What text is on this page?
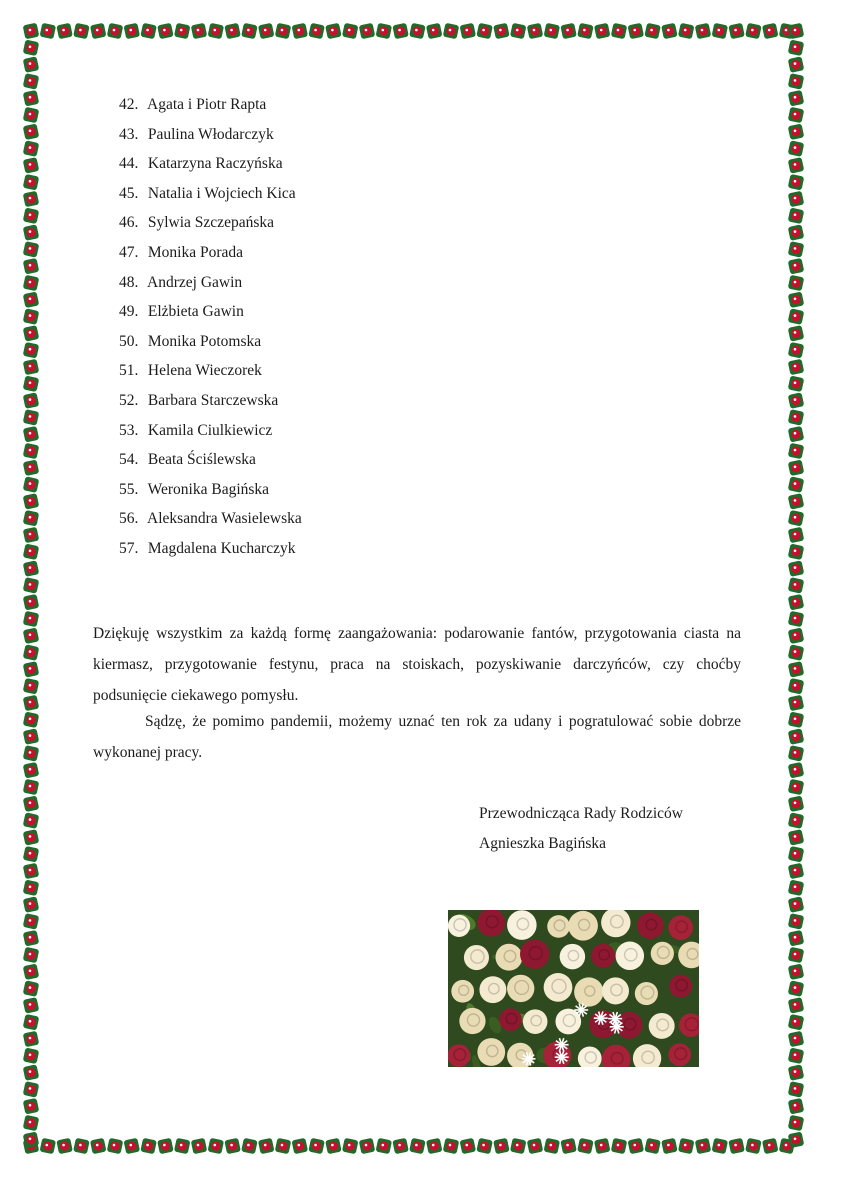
42. Agata i Piotr Rapta
43. Paulina Włodarczyk
44. Katarzyna Raczyńska
45. Natalia i Wojciech Kica
46. Sylwia Szczepańska
47. Monika Porada
48. Andrzej Gawin
49. Elżbieta Gawin
50. Monika Potomska
51. Helena Wieczorek
52. Barbara Starczewska
53. Kamila Ciulkiewicz
54. Beata Ściślewska
55. Weronika Bagińska
56. Aleksandra Wasielewska
57. Magdalena Kucharczyk

Dziękuję wszystkim za każdą formę zaangażowania: podarowanie fantów, przygotowania ciasta na kiermasz, przygotowanie festynu, praca na stoiskach, pozyskiwanie darczyńców, czy choćby podsunięcie ciekawego pomysłu.

Sądzę, że pomimo pandemii, możemy uznać ten rok za udany i pogratulować sobie dobrze wykonanej pracy.

Przewodnicząca Rady Rodziców
Agnieszka Bagińska
